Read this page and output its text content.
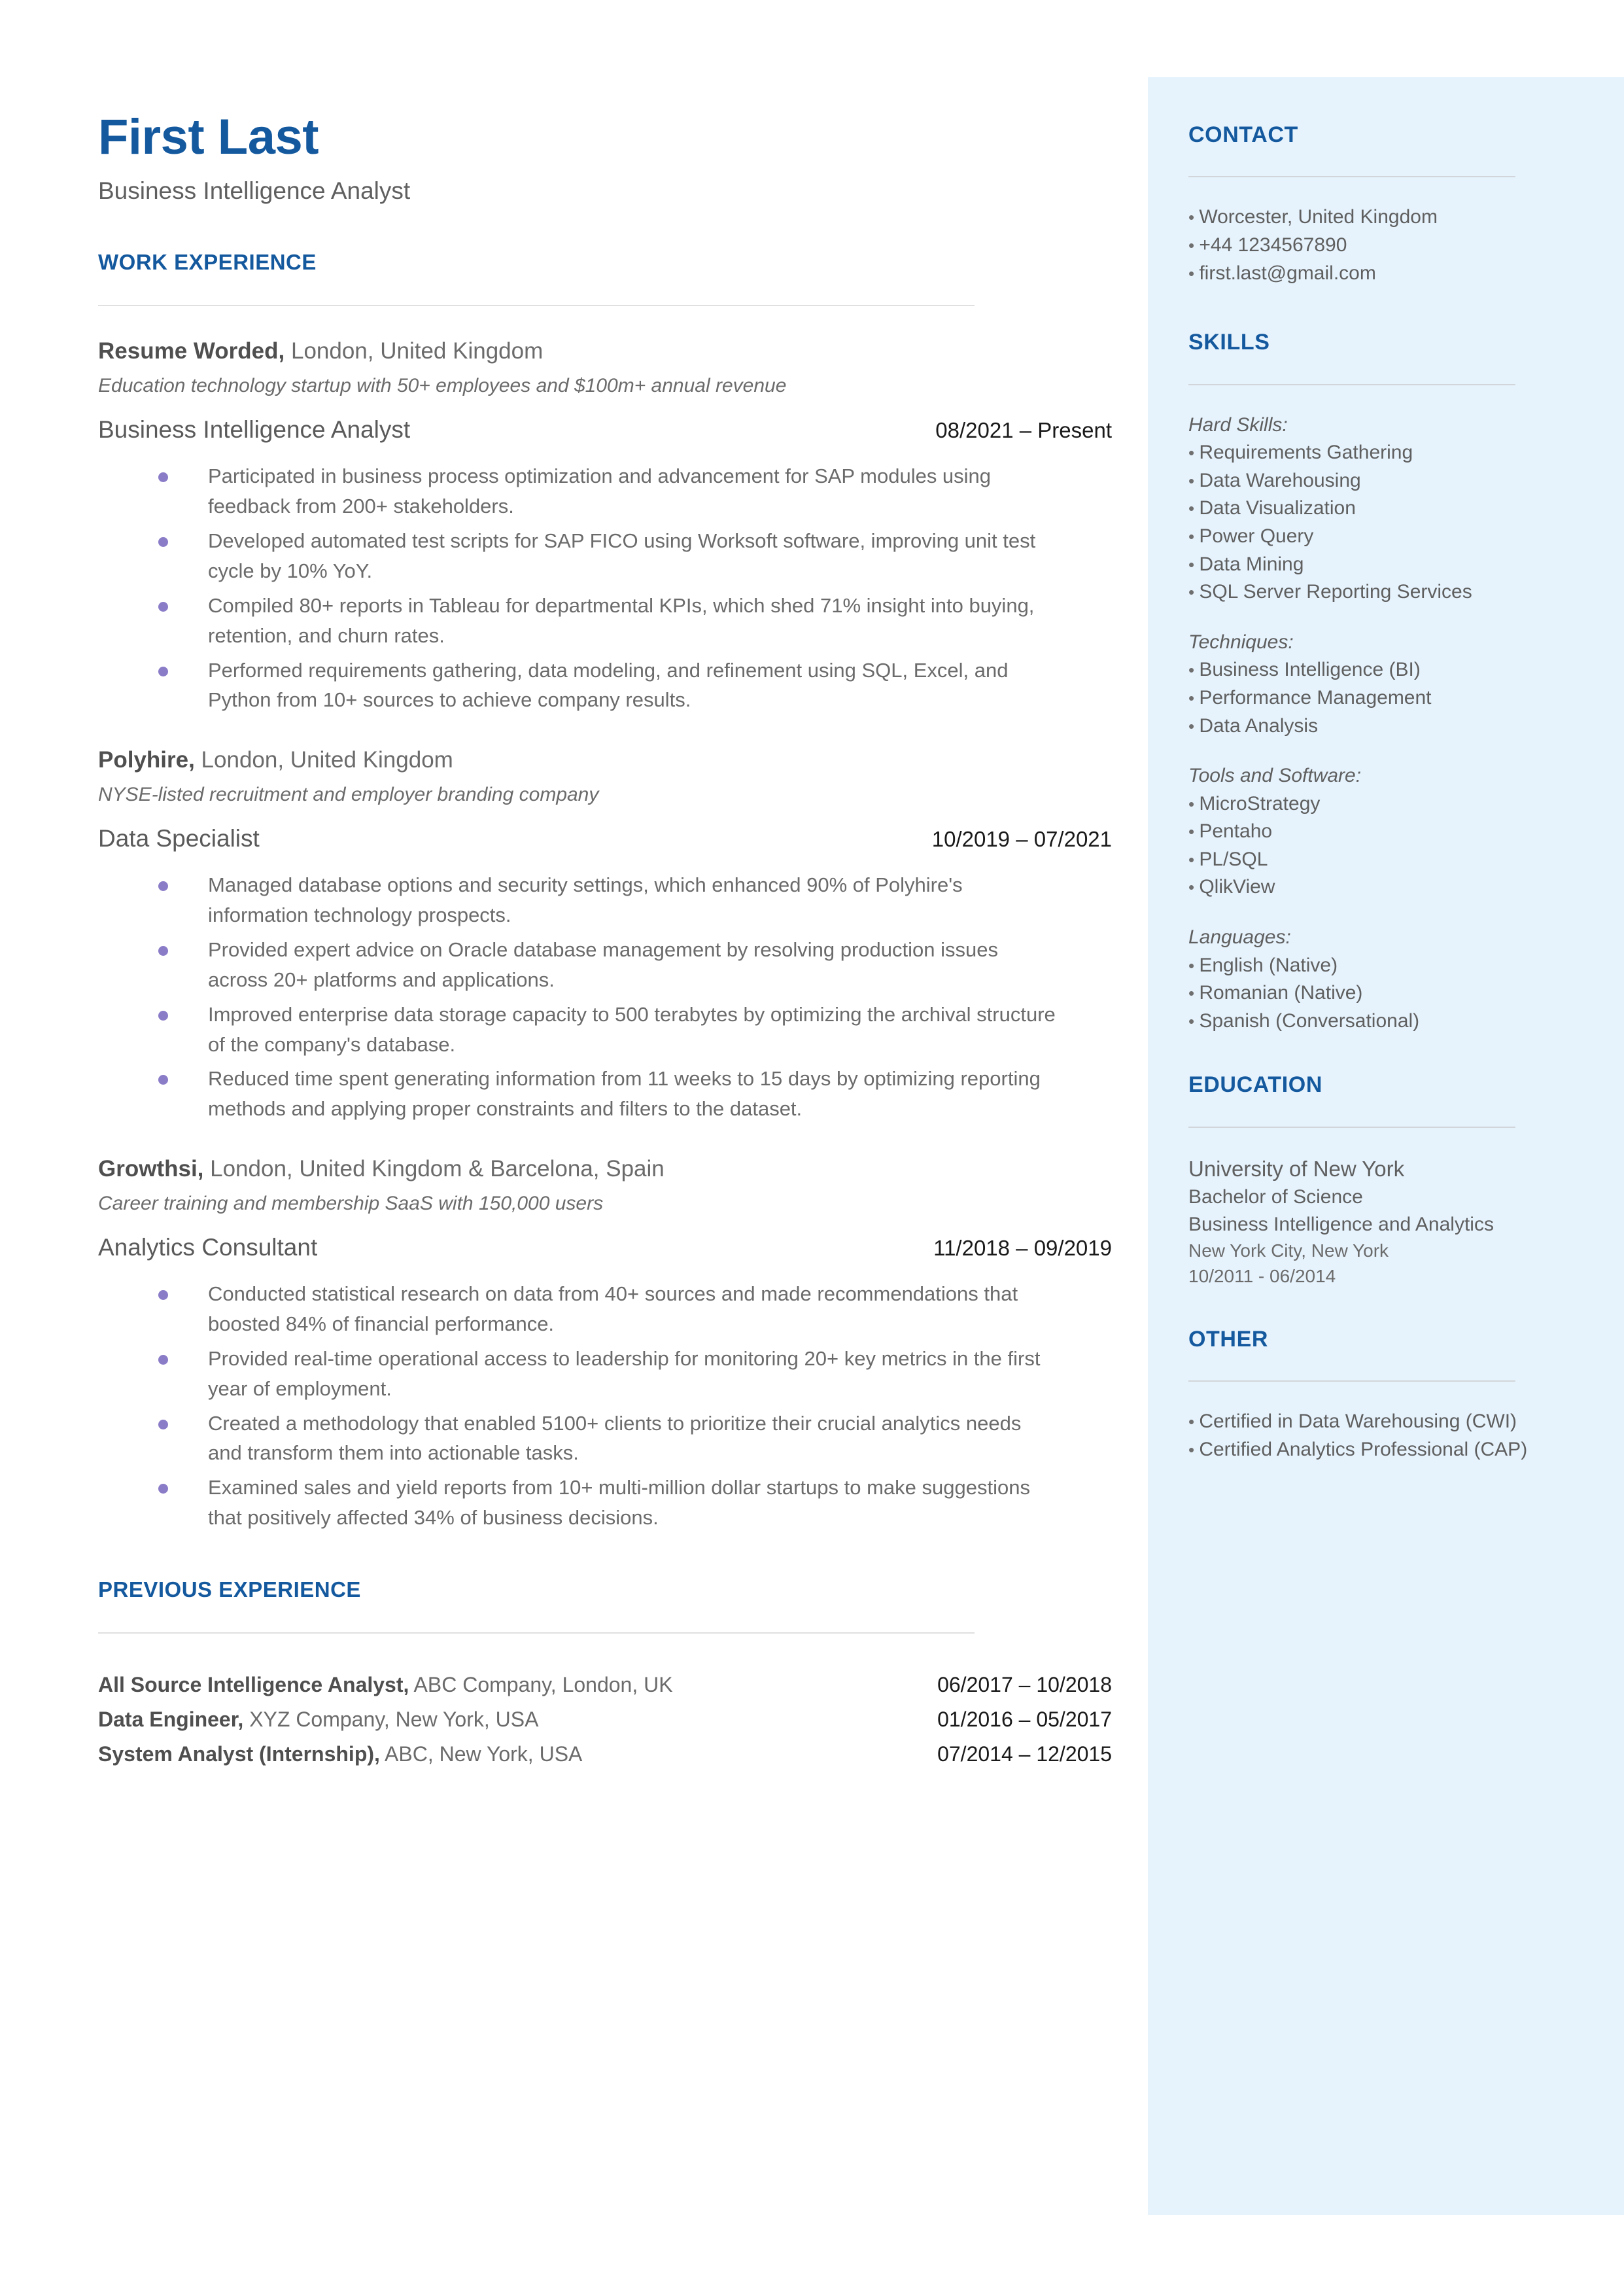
First Last
Business Intelligence Analyst
WORK EXPERIENCE
Resume Worded, London, United Kingdom
Education technology startup with 50+ employees and $100m+ annual revenue
Business Intelligence Analyst	08/2021 – Present
Participated in business process optimization and advancement for SAP modules using feedback from 200+ stakeholders.
Developed automated test scripts for SAP FICO using Worksoft software, improving unit test cycle by 10% YoY.
Compiled 80+ reports in Tableau for departmental KPIs, which shed 71% insight into buying, retention, and churn rates.
Performed requirements gathering, data modeling, and refinement using SQL, Excel, and Python from 10+ sources to achieve company results.
Polyhire, London, United Kingdom
NYSE-listed recruitment and employer branding company
Data Specialist	10/2019 – 07/2021
Managed database options and security settings, which enhanced 90% of Polyhire's information technology prospects.
Provided expert advice on Oracle database management by resolving production issues across 20+ platforms and applications.
Improved enterprise data storage capacity to 500 terabytes by optimizing the archival structure of the company's database.
Reduced time spent generating information from 11 weeks to 15 days by optimizing reporting methods and applying proper constraints and filters to the dataset.
Growthsi, London, United Kingdom & Barcelona, Spain
Career training and membership SaaS with 150,000 users
Analytics Consultant	11/2018 – 09/2019
Conducted statistical research on data from 40+ sources and made recommendations that boosted 84% of financial performance.
Provided real-time operational access to leadership for monitoring 20+ key metrics in the first year of employment.
Created a methodology that enabled 5100+ clients to prioritize their crucial analytics needs and transform them into actionable tasks.
Examined sales and yield reports from 10+ multi-million dollar startups to make suggestions that positively affected 34% of business decisions.
PREVIOUS EXPERIENCE
All Source Intelligence Analyst, ABC Company, London, UK	06/2017 – 10/2018
Data Engineer, XYZ Company, New York, USA	01/2016 – 05/2017
System Analyst (Internship), ABC, New York, USA	07/2014 – 12/2015
CONTACT
• Worcester, United Kingdom
• +44 1234567890
• first.last@gmail.com
SKILLS
Hard Skills:
• Requirements Gathering
• Data Warehousing
• Data Visualization
• Power Query
• Data Mining
• SQL Server Reporting Services
Techniques:
• Business Intelligence (BI)
• Performance Management
• Data Analysis
Tools and Software:
• MicroStrategy
• Pentaho
• PL/SQL
• QlikView
Languages:
• English (Native)
• Romanian (Native)
• Spanish (Conversational)
EDUCATION
University of New York
Bachelor of Science
Business Intelligence and Analytics
New York City, New York
10/2011 - 06/2014
OTHER
• Certified in Data Warehousing (CWI)
• Certified Analytics Professional (CAP)
